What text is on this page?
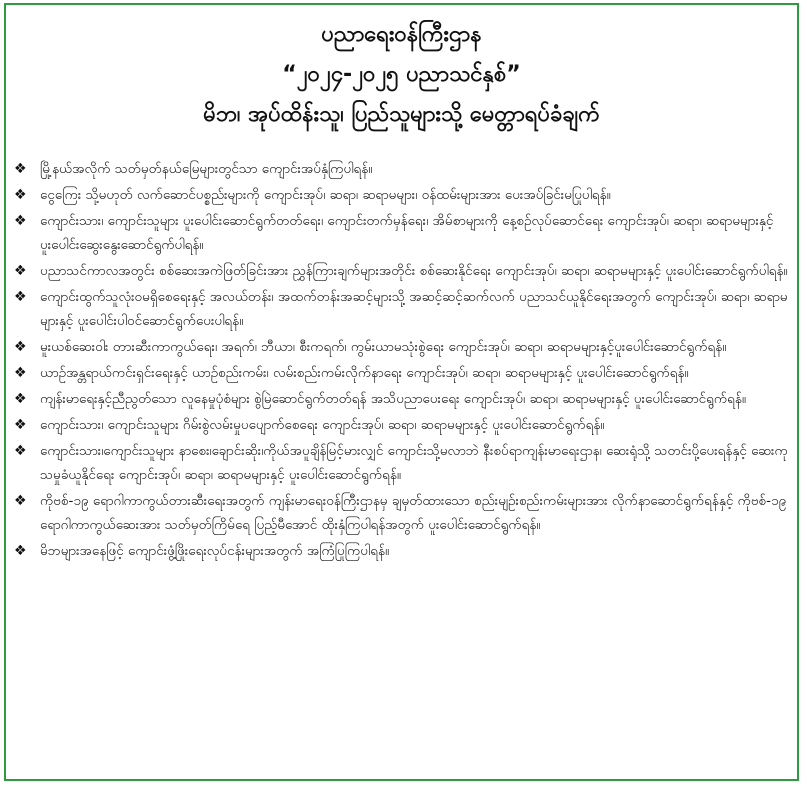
ပညာရေးဝန်ကြီးဌာန
“၂၀၂၄-၂၀၂၅ ပညာသင်နှစ်”
မိဘ၊ အုပ်ထိန်းသူ၊ ပြည်သူများသို့ မေတ္တာရပ်ခံချက်
❖ မြို့နယ်အလိုက် သတ်မှတ်နယ်မြေများတွင်သာ ကျောင်းအပ်နှံကြပါရန်။
❖ ငွေကြေး သို့မဟုတ် လက်ဆောင်ပစ္စည်းများကို ကျောင်းအုပ်၊ ဆရာ၊ ဆရာမများ၊ ဝန်ထမ်းများအား ပေးအပ်ခြင်းမပြုပါရန်။
❖ ကျောင်းသား၊ ကျောင်းသူများ ပူးပေါင်းဆောင်ရွက်တတ်ရေး၊ ကျောင်းတက်မှန်ရေး၊ အိမ်စာများကို နေ့စဉ်လုပ်ဆောင်ရေး ကျောင်းအုပ်၊ ဆရာ၊ ဆရာမများနှင့် ပူးပေါင်းဆွေးနွေးဆောင်ရွက်ပါရန်။
❖ ပညာသင်ကာလအတွင်း စစ်ဆေးအကဲဖြတ်ခြင်းအား ညွှန်ကြားချက်များအတိုင်း စစ်ဆေးနိုင်ရေး ကျောင်းအုပ်၊ ဆရာ၊ ဆရာမများနှင့် ပူးပေါင်းဆောင်ရွက်ပါရန်။
❖ ကျောင်းထွက်သူလုံးဝမရှိစေရေးနှင့် အလယ်တန်း၊ အထက်တန်းအဆင့်များသို့ အဆင့်ဆင့်ဆက်လက် ပညာသင်ယူနိုင်ရေးအတွက် ကျောင်းအုပ်၊ ဆရာ၊ ဆရာမများနှင့် ပူးပေါင်းပါဝင်ဆောင်ရွက်ပေးပါရန်။
❖ မူးယစ်ဆေးဝါး တားဆီးကာကွယ်ရေး၊ အရက်၊ ဘီယာ၊ စီးကရက်၊ ကွမ်းယာမသုံးစွဲရေး ကျောင်းအုပ်၊ ဆရာ၊ ဆရာမများနှင့်ပူးပေါင်းဆောင်ရွက်ရန်။
❖ ယာဉ်အန္တရာယ်ကင်းရှင်းရေးနှင့် ယာဉ်စည်းကမ်း၊ လမ်းစည်းကမ်းလိုက်နာရေး ကျောင်းအုပ်၊ ဆရာ၊ ဆရာမများနှင့် ပူးပေါင်းဆောင်ရွက်ရန်။
❖ ကျန်းမာရေးနှင့်ညီညွတ်သော လူနေမှုပုံစံများ စွဲမြဲဆောင်ရွက်တတ်ရန် အသိပညာပေးရေး ကျောင်းအုပ်၊ ဆရာ၊ ဆရာမများနှင့် ပူးပေါင်းဆောင်ရွက်ရန်။
❖ ကျောင်းသား၊ ကျောင်းသူများ ဂိမ်းစွဲလမ်းမှုပပျောက်စေရေး ကျောင်းအုပ်၊ ဆရာ၊ ဆရာမများနှင့် ပူးပေါင်းဆောင်ရွက်ရန်။
❖ ကျောင်းသား၊ကျောင်းသူများ နာစေး၊ချောင်းဆိုး၊ကိုယ်အပူချိန်မြင့်မားလျှင် ကျောင်းသို့မလာဘဲ နီးစပ်ရာကျန်းမာရေးဌာန၊ ဆေးရုံသို့ သတင်းပို့ပေးရန်နှင့် ဆေးကုသမှုခံယူနိုင်ရေး ကျောင်းအုပ်၊ ဆရာ၊ ဆရာမများနှင့် ပူးပေါင်းဆောင်ရွက်ရန်။
❖ ကိုဗစ်-၁၉ ရောဂါကာကွယ်တားဆီးရေးအတွက် ကျန်းမာရေးဝန်ကြီးဌာနမှ ချမှတ်ထားသော စည်းမျဉ်းစည်းကမ်းများအား လိုက်နာဆောင်ရွက်ရန်နှင့် ကိုဗစ်-၁၉ ရောဂါကာကွယ်ဆေးအား သတ်မှတ်ကြိမ်ရေ ပြည့်မီအောင် ထိုးနှံကြပါရန်အတွက် ပူးပေါင်းဆောင်ရွက်ရန်။
❖ မိဘများအနေဖြင့် ကျောင်းဖွံ့ဖြိုးရေးလုပ်ငန်းများအတွက် အကြံပြုကြပါရန်။
